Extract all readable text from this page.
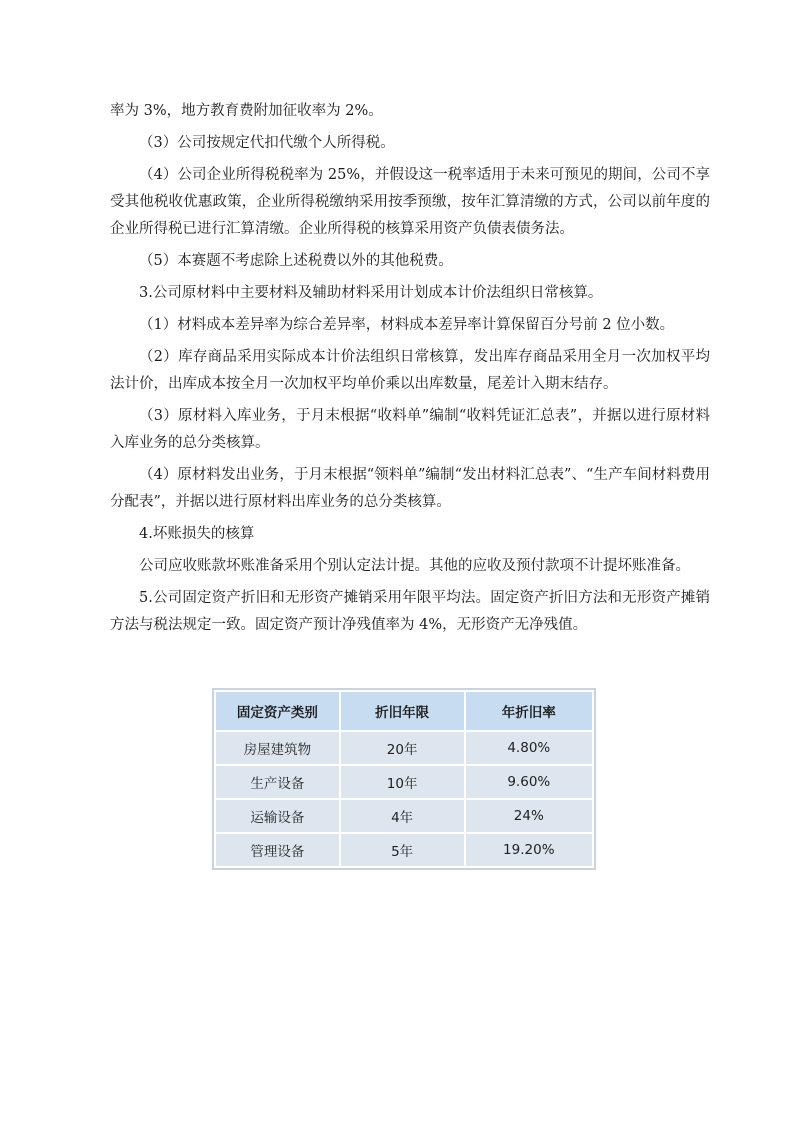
率为 3%，地方教育费附加征收率为 2%。

（3）公司按规定代扣代缴个人所得税。

（4）公司企业所得税税率为 25%，并假设这一税率适用于未来可预见的期间，公司不享受其他税收优惠政策，企业所得税缴纳采用按季预缴，按年汇算清缴的方式，公司以前年度的企业所得税已进行汇算清缴。企业所得税的核算采用资产负债表债务法。

（5）本赛题不考虑除上述税费以外的其他税费。

3.公司原材料中主要材料及辅助材料采用计划成本计价法组织日常核算。

（1）材料成本差异率为综合差异率，材料成本差异率计算保留百分号前 2 位小数。

（2）库存商品采用实际成本计价法组织日常核算，发出库存商品采用全月一次加权平均法计价，出库成本按全月一次加权平均单价乘以出库数量，尾差计入期末结存。

（3）原材料入库业务，于月末根据“收料单”编制“收料凭证汇总表”，并据以进行原材料入库业务的总分类核算。

（4）原材料发出业务，于月末根据“领料单”编制“发出材料汇总表”、“生产车间材料费用分配表”，并据以进行原材料出库业务的总分类核算。

4.坏账损失的核算

公司应收账款坏账准备采用个别认定法计提。其他的应收及预付款项不计提坏账准备。

5.公司固定资产折旧和无形资产摊销采用年限平均法。固定资产折旧方法和无形资产摊销方法与税法规定一致。固定资产预计净残值率为 4%，无形资产无净残值。

固定资产类别	折旧年限	年折旧率
房屋建筑物	20年	4.80%
生产设备	10年	9.60%
运输设备	4年	24%
管理设备	5年	19.20%
